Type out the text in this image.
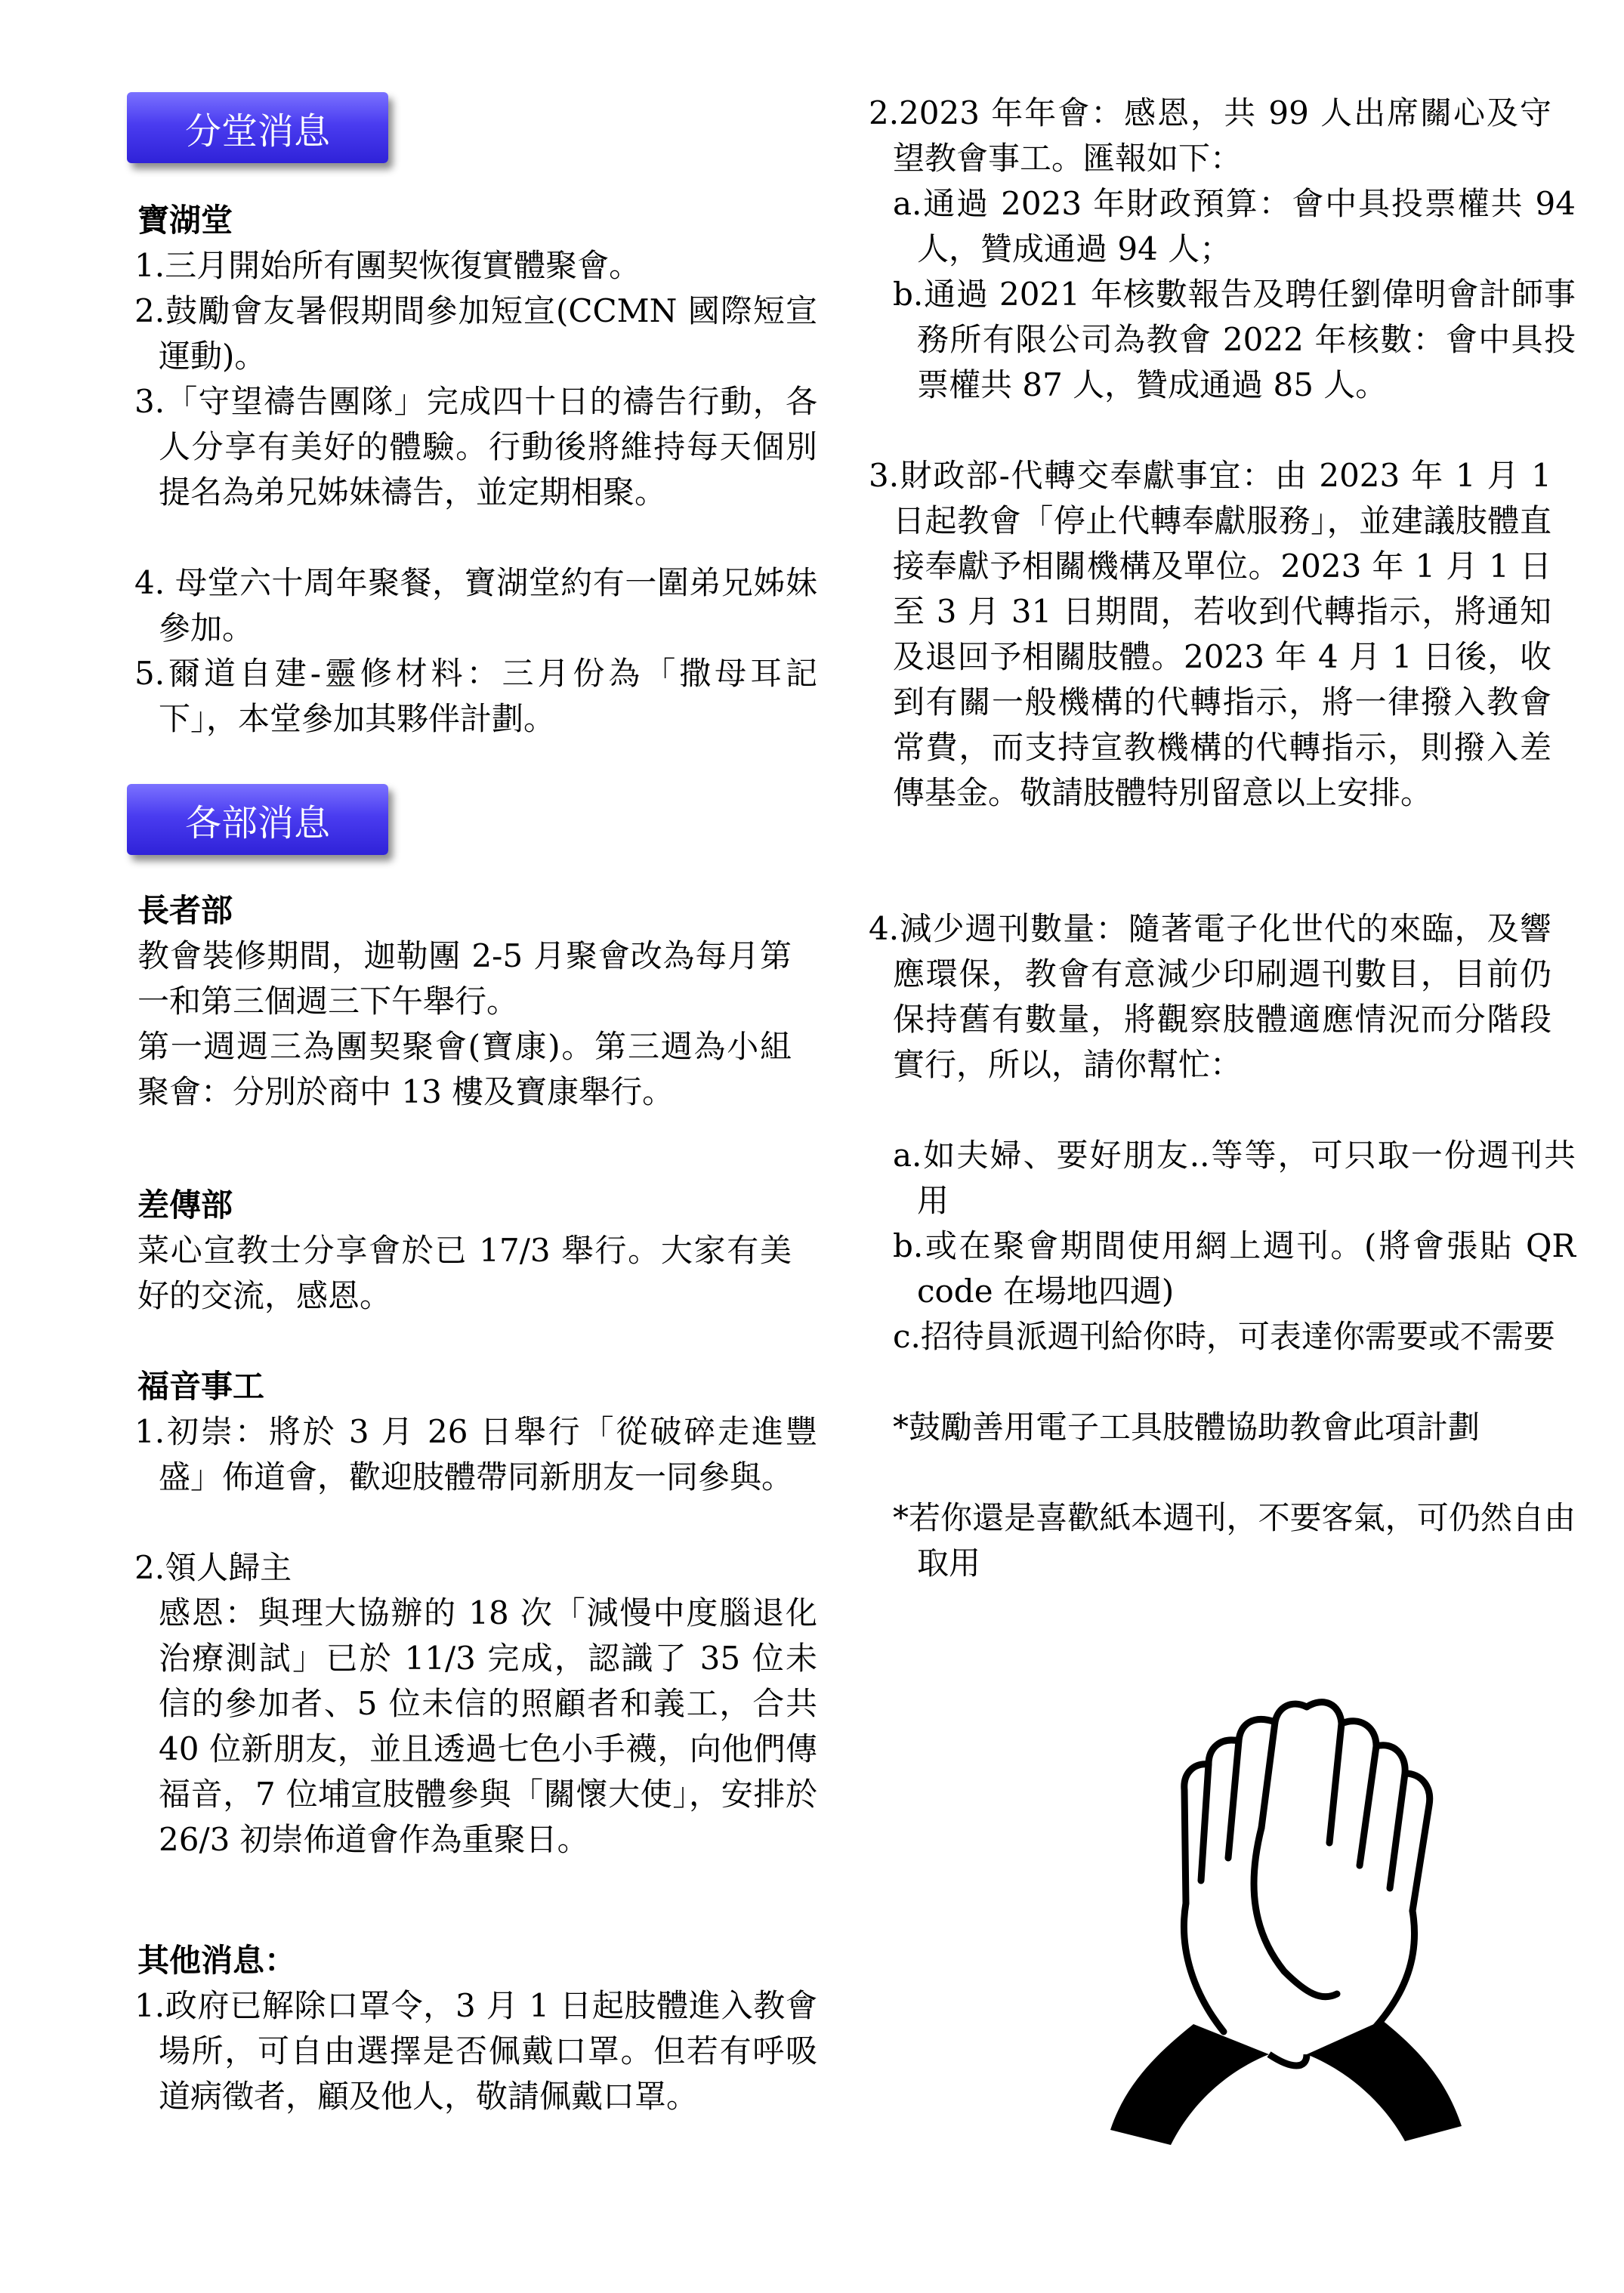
分堂消息
寶湖堂
1.三月開始所有團契恢復實體聚會。
2.鼓勵會友暑假期間參加短宣(CCMN 國際短宣運動)。
3.「守望禱告團隊」完成四十日的禱告行動，各人分享有美好的體驗。行動後將維持每天個別提名為弟兄姊妹禱告，並定期相聚。
4. 母堂六十周年聚餐，寶湖堂約有一圍弟兄姊妹參加。
5.爾道自建-靈修材料：三月份為「撒母耳記下」，本堂參加其夥伴計劃。
各部消息
長者部
教會裝修期間，迦勒團 2-5 月聚會改為每月第一和第三個週三下午舉行。
第一週週三為團契聚會(寶康)。第三週為小組聚會：分別於商中 13 樓及寶康舉行。
差傳部
菜心宣教士分享會於已 17/3 舉行。大家有美好的交流，感恩。
福音事工
1.初崇：將於 3 月 26 日舉行「從破碎走進豐盛」佈道會，歡迎肢體帶同新朋友一同參與。
2.領人歸主
感恩：與理大協辦的 18 次「減慢中度腦退化治療測試」已於 11/3 完成，認識了 35 位未信的參加者、5 位未信的照顧者和義工，合共 40 位新朋友，並且透過七色小手襪，向他們傳福音，7 位埔宣肢體參與「關懷大使」，安排於 26/3 初崇佈道會作為重聚日。
其他消息：
1.政府已解除口罩令，3 月 1 日起肢體進入教會場所，可自由選擇是否佩戴口罩。但若有呼吸道病徵者，顧及他人，敬請佩戴口罩。
2.2023 年年會：感恩，共 99 人出席關心及守望教會事工。匯報如下：
a.通過 2023 年財政預算：會中具投票權共 94 人，贊成通過 94 人；
b.通過 2021 年核數報告及聘任劉偉明會計師事務所有限公司為教會 2022 年核數：會中具投票權共 87 人，贊成通過 85 人。
3.財政部-代轉交奉獻事宜：由 2023 年 1 月 1 日起教會「停止代轉奉獻服務」，並建議肢體直接奉獻予相關機構及單位。2023 年 1 月 1 日至 3 月 31 日期間，若收到代轉指示，將通知及退回予相關肢體。2023 年 4 月 1 日後，收到有關一般機構的代轉指示，將一律撥入教會常費，而支持宣教機構的代轉指示，則撥入差傳基金。敬請肢體特別留意以上安排。
4.減少週刊數量：隨著電子化世代的來臨，及響應環保，教會有意減少印刷週刊數目，目前仍保持舊有數量，將觀察肢體適應情況而分階段實行，所以，請你幫忙：
a.如夫婦、要好朋友..等等，可只取一份週刊共用
b.或在聚會期間使用網上週刊。(將會張貼 QR code 在場地四週)
c.招待員派週刊給你時，可表達你需要或不需要
*鼓勵善用電子工具肢體協助教會此項計劃
*若你還是喜歡紙本週刊，不要客氣，可仍然自由取用
